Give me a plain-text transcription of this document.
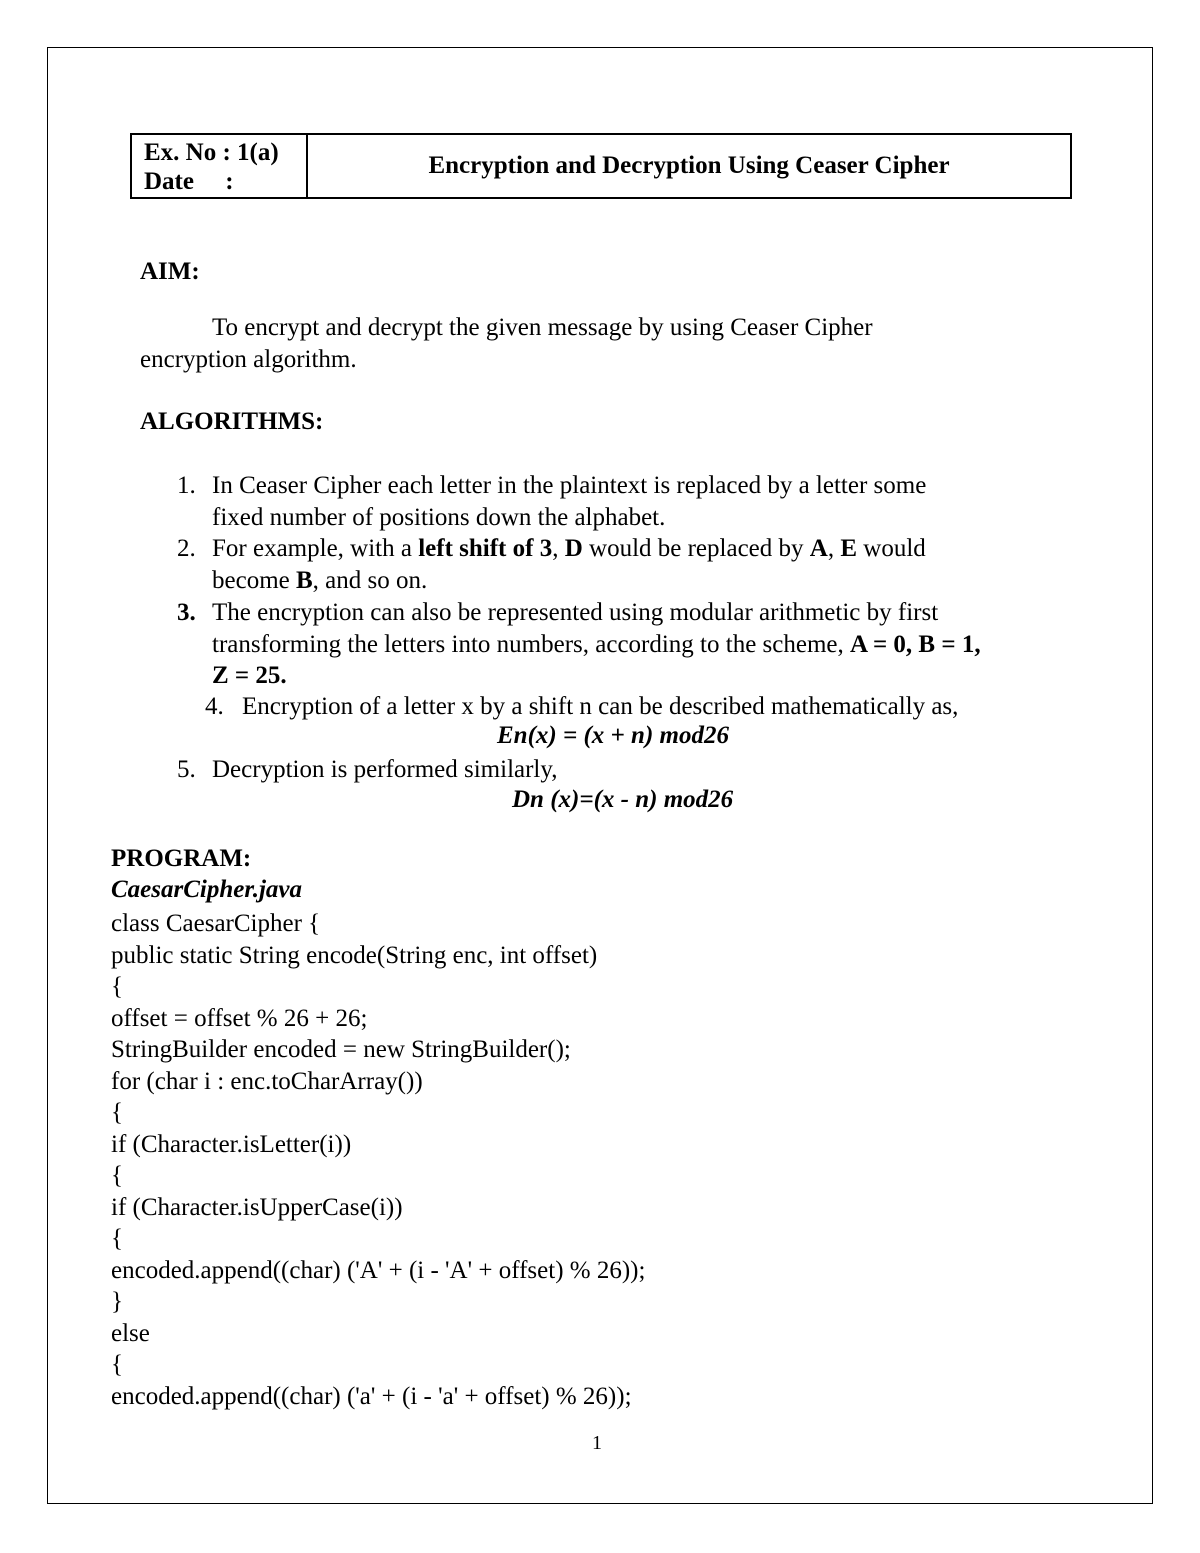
Ex. No : 1(a)
Date     :
Encryption and Decryption Using Ceaser Cipher
AIM:
To encrypt and decrypt the given message by using Ceaser Cipher
encryption algorithm.
ALGORITHMS:
1. In Ceaser Cipher each letter in the plaintext is replaced by a letter some
fixed number of positions down the alphabet.
2. For example, with a left shift of 3, D would be replaced by A, E would
become B, and so on.
3. The encryption can also be represented using modular arithmetic by first
transforming the letters into numbers, according to the scheme, A = 0, B = 1,
Z = 25.
4. Encryption of a letter x by a shift n can be described mathematically as,
En(x) = (x + n) mod26
5. Decryption is performed similarly,
Dn (x)=(x - n) mod26
PROGRAM:
CaesarCipher.java
class CaesarCipher {
public static String encode(String enc, int offset)
{
offset = offset % 26 + 26;
StringBuilder encoded = new StringBuilder();
for (char i : enc.toCharArray())
{
if (Character.isLetter(i))
{
if (Character.isUpperCase(i))
{
encoded.append((char) ('A' + (i - 'A' + offset) % 26));
}
else
{
encoded.append((char) ('a' + (i - 'a' + offset) % 26));
1
